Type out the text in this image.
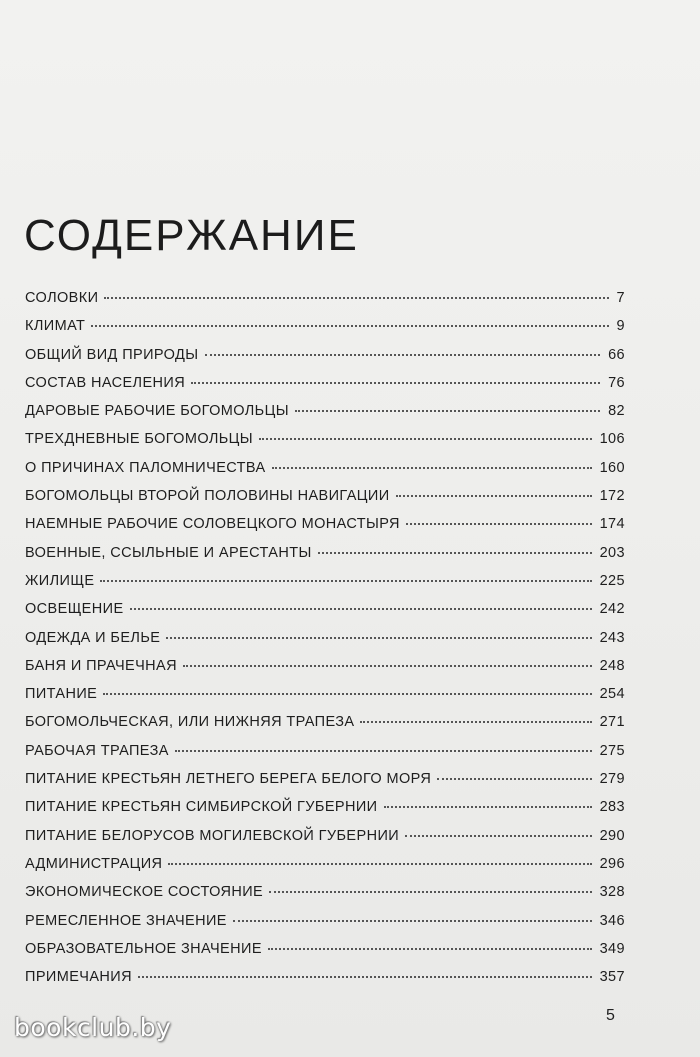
СОДЕРЖАНИЕ
СОЛОВКИ	7
КЛИМАТ	9
ОБЩИЙ ВИД ПРИРОДЫ	66
СОСТАВ НАСЕЛЕНИЯ	76
ДАРОВЫЕ РАБОЧИЕ БОГОМОЛЬЦЫ	82
ТРЕХДНЕВНЫЕ БОГОМОЛЬЦЫ	106
О ПРИЧИНАХ ПАЛОМНИЧЕСТВА	160
БОГОМОЛЬЦЫ ВТОРОЙ ПОЛОВИНЫ НАВИГАЦИИ	172
НАЕМНЫЕ РАБОЧИЕ СОЛОВЕЦКОГО МОНАСТЫРЯ	174
ВОЕННЫЕ, ССЫЛЬНЫЕ И АРЕСТАНТЫ	203
ЖИЛИЩЕ	225
ОСВЕЩЕНИЕ	242
ОДЕЖДА И БЕЛЬЕ	243
БАНЯ И ПРАЧЕЧНАЯ	248
ПИТАНИЕ	254
БОГОМОЛЬЧЕСКАЯ, ИЛИ НИЖНЯЯ ТРАПЕЗА	271
РАБОЧАЯ ТРАПЕЗА	275
ПИТАНИЕ КРЕСТЬЯН ЛЕТНЕГО БЕРЕГА БЕЛОГО МОРЯ	279
ПИТАНИЕ КРЕСТЬЯН СИМБИРСКОЙ ГУБЕРНИИ	283
ПИТАНИЕ БЕЛОРУСОВ МОГИЛЕВСКОЙ ГУБЕРНИИ	290
АДМИНИСТРАЦИЯ	296
ЭКОНОМИЧЕСКОЕ СОСТОЯНИЕ	328
РЕМЕСЛЕННОЕ ЗНАЧЕНИЕ	346
ОБРАЗОВАТЕЛЬНОЕ ЗНАЧЕНИЕ	349
ПРИМЕЧАНИЯ	357
5
bookclub.by
